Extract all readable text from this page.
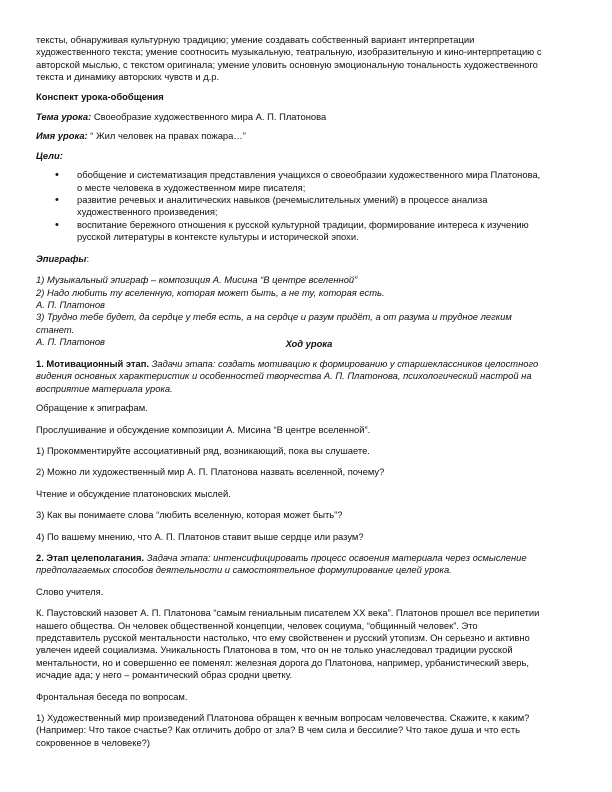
тексты, обнаруживая культурную традицию; умение создавать собственный вариант интерпретации художественного текста; умение соотносить музыкальную, театральную, изобразительную и кино-интерпретацию с авторской мыслью, с текстом оригинала; умение уловить основную эмоциональную тональность художественного текста и динамику авторских чувств и д.р.

Конспект урока-обобщения

Тема урока: Своеобразие художественного мира А. П. Платонова

Имя урока: “ Жил человек на правах пожара…”

Цели:

• обобщение и систематизация представления учащихся о своеобразии художественного мира Платонова, о месте человека в художественном мире писателя;
• развитие речевых и аналитических навыков (речемыслительных умений) в процессе анализа художественного произведения;
• воспитание бережного отношения к русской культурной традиции, формирование интереса к изучению русской литературы в контексте культуры и исторической эпохи.

Эпиграфы:

1) Музыкальный эпиграф – композиция А. Мисина “В центре вселенной”

2) Надо любить ту вселенную, которая может быть, а не ту, которая есть.

А. П. Платонов

3) Трудно тебе будет, да сердце у тебя есть, а на сердце и разум придёт, а от разума и трудное легким станет.

А. П. Платонов	Ход урока

1. Мотивационный этап. Задачи этапа: создать мотивацию к формированию у старшеклассников целостного видения основных характеристик и особенностей творчества А. П. Платонова, психологический настрой на восприятие материала урока.

Обращение к эпиграфам.

Прослушивание и обсуждение композиции А. Мисина “В центре вселенной”.

1) Прокомментируйте ассоциативный ряд, возникающий, пока вы слушаете.

2) Можно ли художественный мир А. П. Платонова назвать вселенной, почему?

Чтение и обсуждение платоновских мыслей.

3) Как вы понимаете слова “любить вселенную, которая может быть”?

4) По вашему мнению, что А. П. Платонов ставит выше сердце или разум?

2. Этап целеполагания. Задача этапа: интенсифицировать процесс освоения материала через осмысление предполагаемых способов деятельности и самостоятельное формулирование целей урока.

Слово учителя.

К. Паустовский назовет А. П. Платонова “самым гениальным писателем ХХ века”. Платонов прошел все перипетии нашего общества. Он человек общественной концепции, человек социума, “общинный человек”. Это представитель русской ментальности настолько, что ему свойственен и русский утопизм. Он серьезно и активно увлечен идеей социализма. Уникальность Платонова в том, что он не только унаследовал традиции русской ментальности, но и совершенно ее поменял: железная дорога до Платонова, например, урбанистический зверь, исчадие ада; у него – романтический образ сродни цветку.

Фронтальная беседа по вопросам.

1) Художественный мир произведений Платонова обращен к вечным вопросам человечества. Скажите, к каким? (Например: Что такое счастье? Как отличить добро от зла? В чем сила и бессилие? Что такое душа и что есть сокровенное в человеке?)
